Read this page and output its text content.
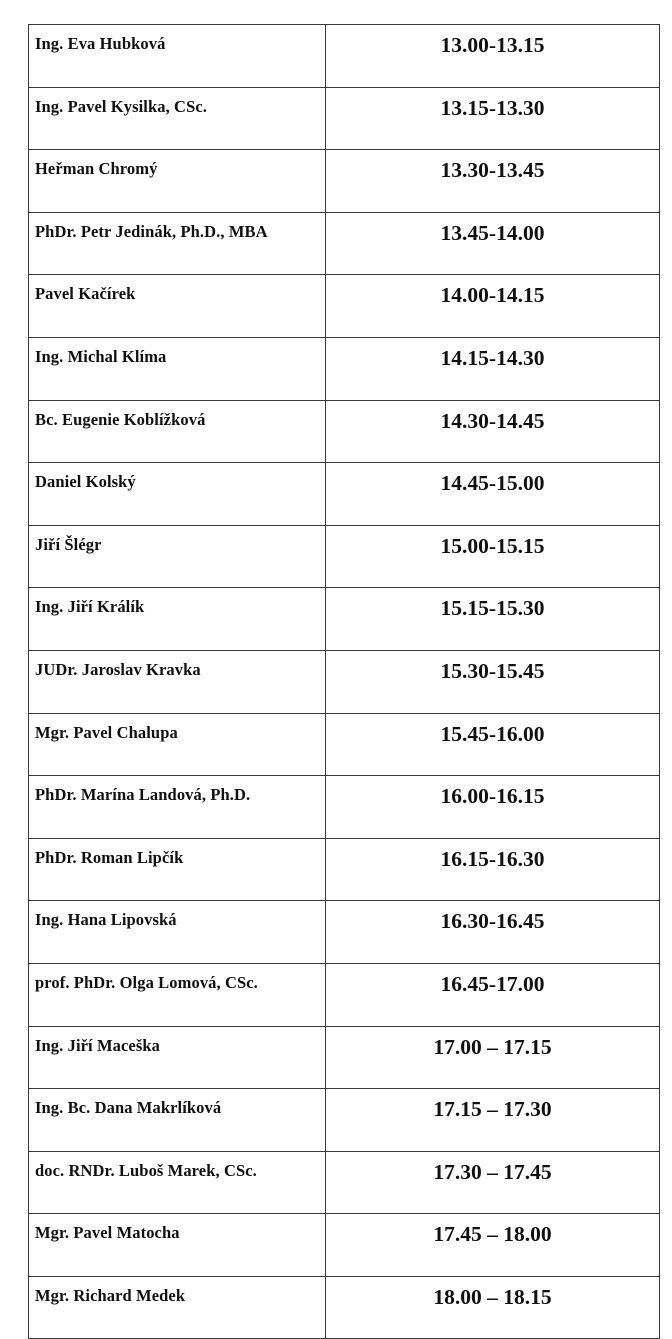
Ing. Eva Hubková	13.00-13.15
Ing. Pavel Kysilka, CSc.	13.15-13.30
Heřman Chromý	13.30-13.45
PhDr. Petr Jedinák, Ph.D., MBA	13.45-14.00
Pavel Kačírek	14.00-14.15
Ing. Michal Klíma	14.15-14.30
Bc. Eugenie Koblížková	14.30-14.45
Daniel Kolský	14.45-15.00
Jiří Šlégr	15.00-15.15
Ing. Jiří Králík	15.15-15.30
JUDr. Jaroslav Kravka	15.30-15.45
Mgr. Pavel Chalupa	15.45-16.00
PhDr. Marína Landová, Ph.D.	16.00-16.15
PhDr. Roman Lipčík	16.15-16.30
Ing. Hana Lipovská	16.30-16.45
prof. PhDr. Olga Lomová, CSc.	16.45-17.00
Ing. Jiří Maceška	17.00 – 17.15
Ing. Bc. Dana Makrlíková	17.15 – 17.30
doc. RNDr. Luboš Marek, CSc.	17.30 – 17.45
Mgr. Pavel Matocha	17.45 – 18.00
Mgr. Richard Medek	18.00 – 18.15
